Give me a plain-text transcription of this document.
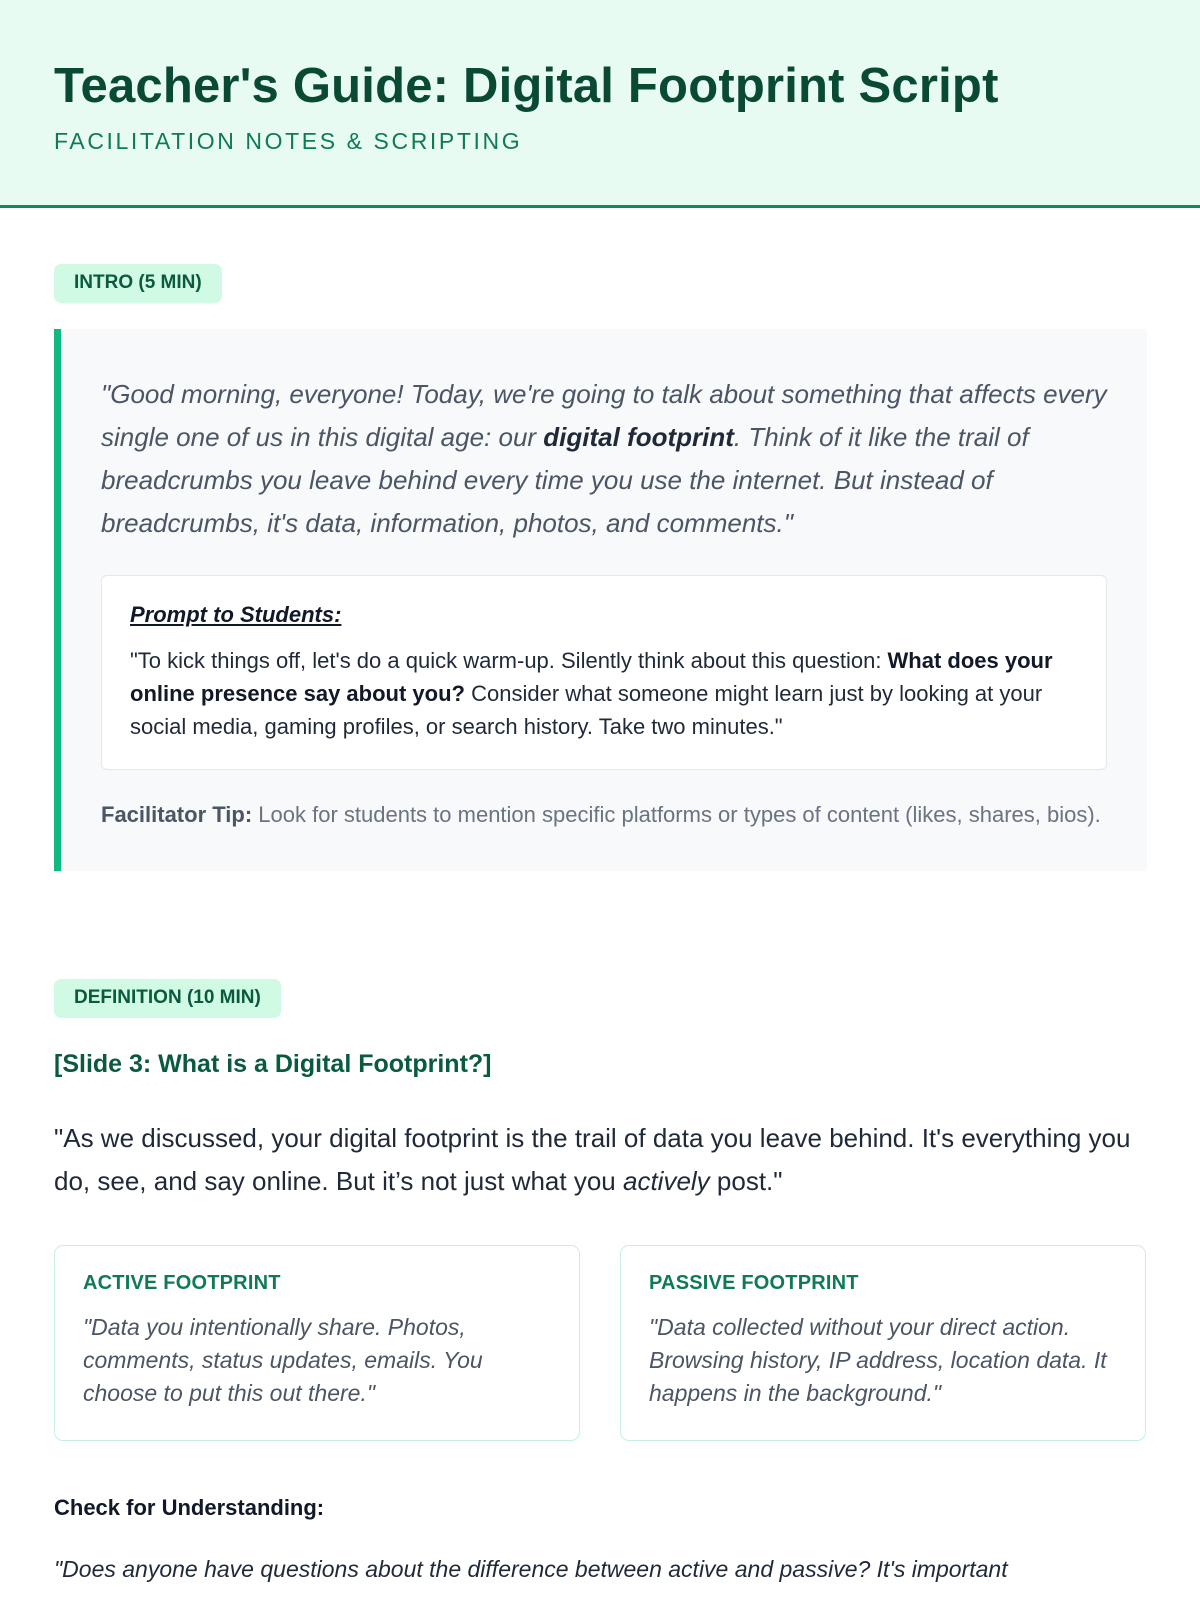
Teacher's Guide: Digital Footprint Script
FACILITATION NOTES & SCRIPTING
INTRO (5 MIN)

"Good morning, everyone! Today, we're going to talk about something that affects every single one of us in this digital age: our digital footprint. Think of it like the trail of breadcrumbs you leave behind every time you use the internet. But instead of breadcrumbs, it's data, information, photos, and comments."

Prompt to Students:
"To kick things off, let's do a quick warm-up. Silently think about this question: What does your online presence say about you? Consider what someone might learn just by looking at your social media, gaming profiles, or search history. Take two minutes."
Facilitator Tip: Look for students to mention specific platforms or types of content (likes, shares, bios).
DEFINITION (10 MIN)
[Slide 3: What is a Digital Footprint?]
"As we discussed, your digital footprint is the trail of data you leave behind. It's everything you do, see, and say online. But it’s not just what you actively post."
ACTIVE FOOTPRINT
"Data you intentionally share. Photos, comments, status updates, emails. You choose to put this out there."
PASSIVE FOOTPRINT
"Data collected without your direct action. Browsing history, IP address, location data. It happens in the background."
Check for Understanding:
"Does anyone have questions about the difference between active and passive? It's important
